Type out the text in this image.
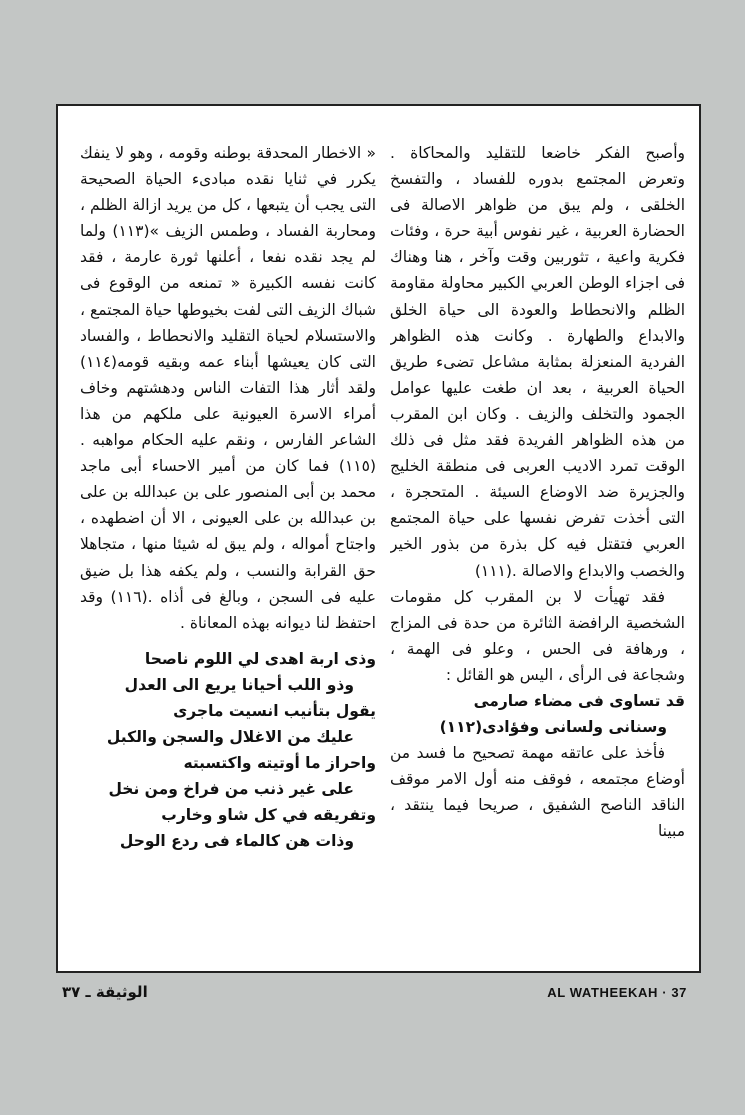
وأصبح الفكر خاضعا للتقليد والمحاكاة . وتعرض المجتمع بدوره للفساد ، والتفسخ الخلقى ، ولم يبق من ظواهر الاصالة فى الحضارة العربية ، غير نفوس أبية حرة ، وفئات فكرية واعية ، تثوربين وقت وآخر ، هنا وهناك فى اجزاء الوطن العربي الكبير محاولة مقاومة الظلم والانحطاط والعودة الى حياة الخلق والابداع والطهارة . وكانت هذه الظواهر الفردية المنعزلة بمثابة مشاعل تضىء طريق الحياة العربية ، بعد ان طغت عليها عوامل الجمود والتخلف والزيف . وكان ابن المقرب من هذه الظواهر الفريدة فقد مثل فى ذلك الوقت تمرد الاديب العربى فى منطقة الخليج والجزيرة ضد الاوضاع السيئة . المتحجرة ، التى أخذت تفرض نفسها على حياة المجتمع العربي فتقتل فيه كل بذرة من بذور الخير والخصب والابداع والاصالة .(١١١)

فقد تهيأت لا بن المقرب كل مقومات الشخصية الرافضة الثائرة من حدة فى المزاج ، ورهافة فى الحس ، وعلو فى الهمة ، وشجاعة فى الرأى ، اليس هو القائل :

قد تساوى فى مضاء صارمى
وسنانى ولسانى وفؤادى(١١٢)

فأخذ على عاتقه مهمة تصحيح ما فسد من أوضاع مجتمعه ، فوقف منه أول الامر موقف الناقد الناصح الشفيق ، صريحا فيما ينتقد ، مبينا

« الاخطار المحدقة بوطنه وقومه ، وهو لا ينفك يكرر في ثنايا نقده مبادىء الحياة الصحيحة التى يجب أن يتبعها ، كل من يريد ازالة الظلم ، ومحاربة الفساد ، وطمس الزيف »(١١٣) ولما لم يجد نقده نفعا ، أعلنها ثورة عارمة ، فقد كانت نفسه الكبيرة « تمنعه من الوقوع فى شباك الزيف التى لفت بخيوطها حياة المجتمع ، والاستسلام لحياة التقليد والانحطاط ، والفساد التى كان يعيشها أبناء عمه وبقيه قومه(١١٤) ولقد أثار هذا التفات الناس ودهشتهم وخاف أمراء الاسرة العيونية على ملكهم من هذا الشاعر الفارس ، ونقم عليه الحكام مواهبه .(١١٥) فما كان من أمير الاحساء أبى ماجد محمد بن أبى المنصور على بن عبدالله بن على بن عبدالله بن على العيونى ، الا أن اضطهده ، واجتاح أمواله ، ولم يبق له شيئا منها ، متجاهلا حق القرابة والنسب ، ولم يكفه هذا بل ضيق عليه فى السجن ، وبالغ فى أذاه .(١١٦) وقد احتفظ لنا ديوانه بهذه المعاناة .

وذى اربة اهدى لي اللوم ناصحا
وذو اللب أحيانا يريع الى العدل
يقول بتأنيب انسيت ماجرى
عليك من الاغلال والسجن والكبل
واحراز ما أوتيته واكتسبته
على غير ذنب من فراخ ومن نخل
وتفريقه في كل شاو وخارب
وذات هن كالماء فى ردع الوحل
الوثيقة ـ ٣٧	AL WATHEEKAH · 37
